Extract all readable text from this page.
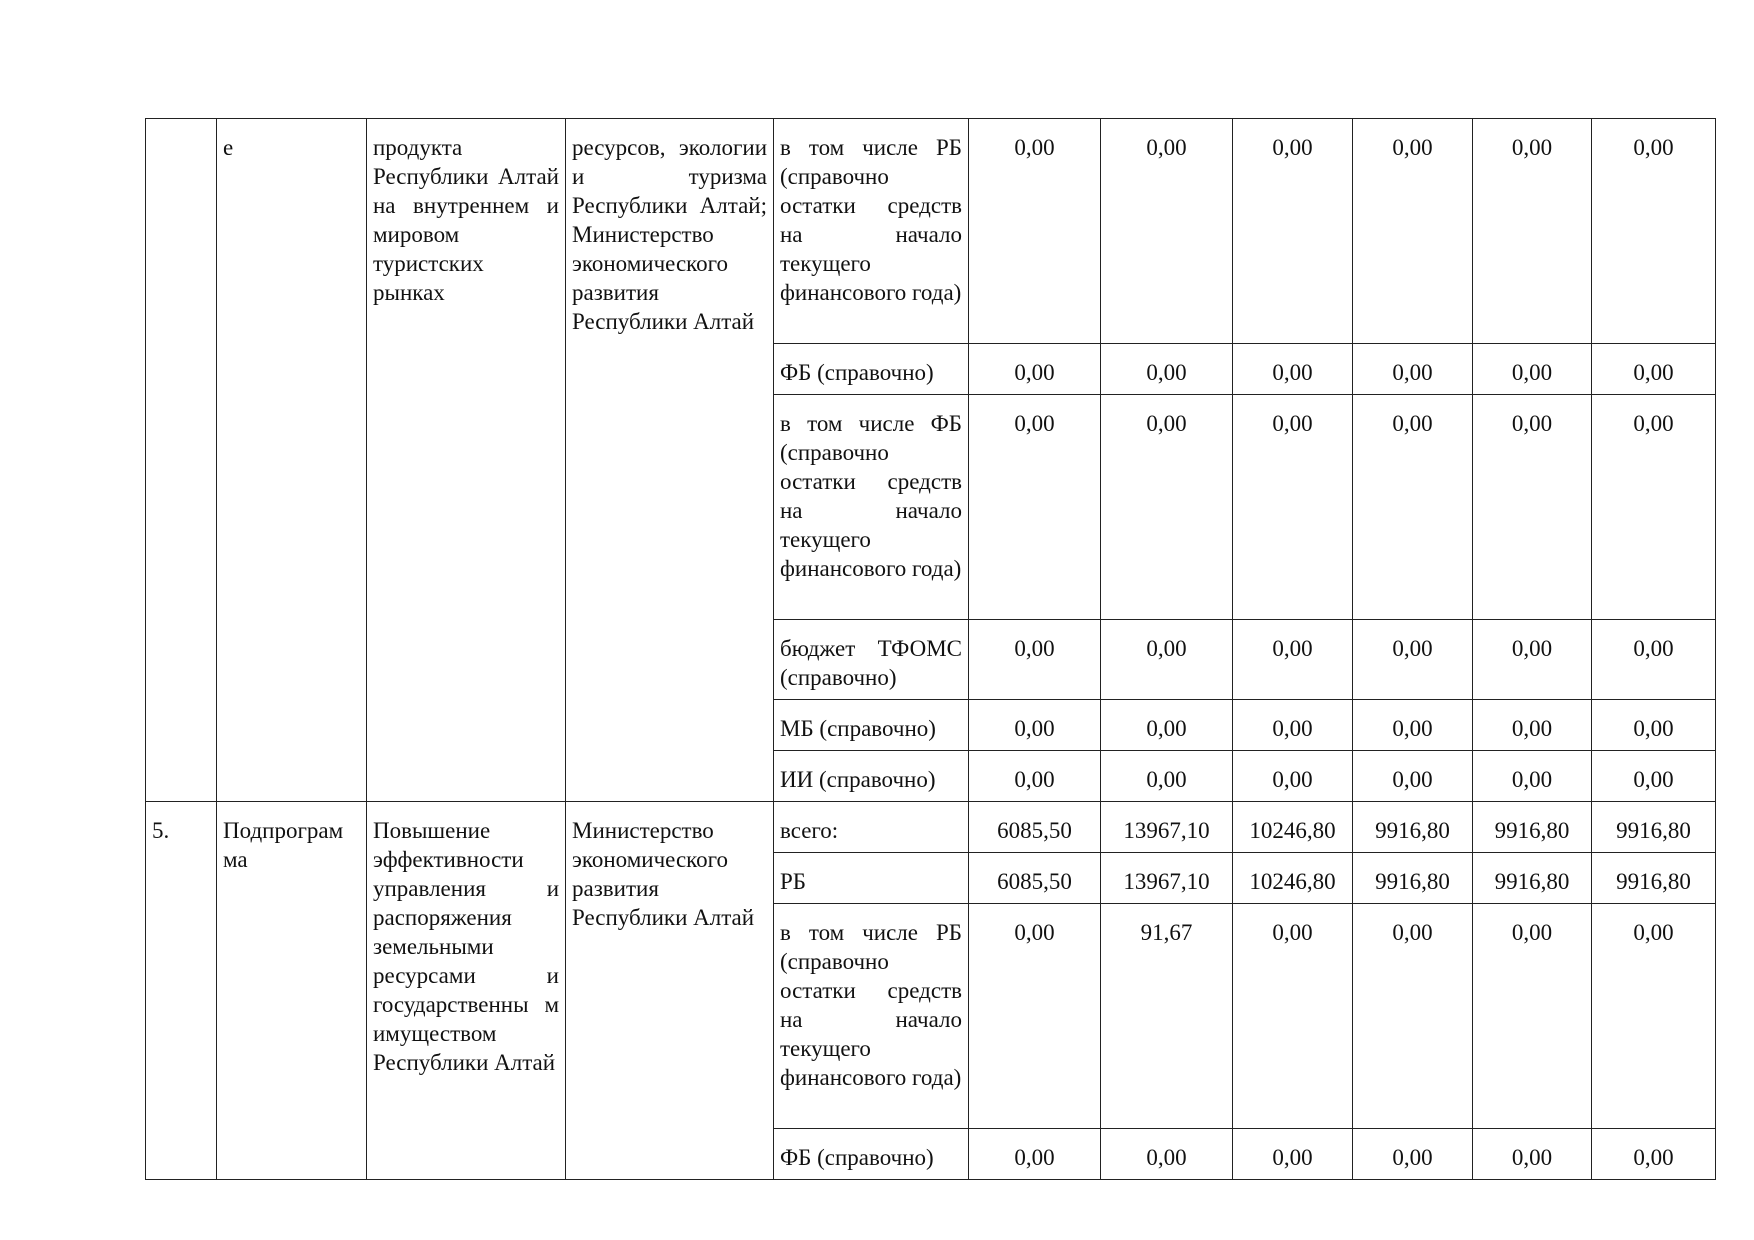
	е	продукта Республики Алтай на внутреннем и мировом туристских рынках	ресурсов, экологии и туризма Республики Алтай; Министерство экономического развития Республики Алтай	в том числе РБ (справочно остатки средств на начало текущего финансового года)	0,00	0,00	0,00	0,00	0,00	0,00
				ФБ (справочно)	0,00	0,00	0,00	0,00	0,00	0,00
				в том числе ФБ (справочно остатки средств на начало текущего финансового года)	0,00	0,00	0,00	0,00	0,00	0,00
				бюджет ТФОМС (справочно)	0,00	0,00	0,00	0,00	0,00	0,00
				МБ (справочно)	0,00	0,00	0,00	0,00	0,00	0,00
				ИИ (справочно)	0,00	0,00	0,00	0,00	0,00	0,00
5.	Подпрограм ма	Повышение эффективности управления и распоряжения земельными ресурсами и государственны м имуществом Республики Алтай	Министерство экономического развития Республики Алтай	всего:	6085,50	13967,10	10246,80	9916,80	9916,80	9916,80
				РБ	6085,50	13967,10	10246,80	9916,80	9916,80	9916,80
				в том числе РБ (справочно остатки средств на начало текущего финансового года)	0,00	91,67	0,00	0,00	0,00	0,00
				ФБ (справочно)	0,00	0,00	0,00	0,00	0,00	0,00
